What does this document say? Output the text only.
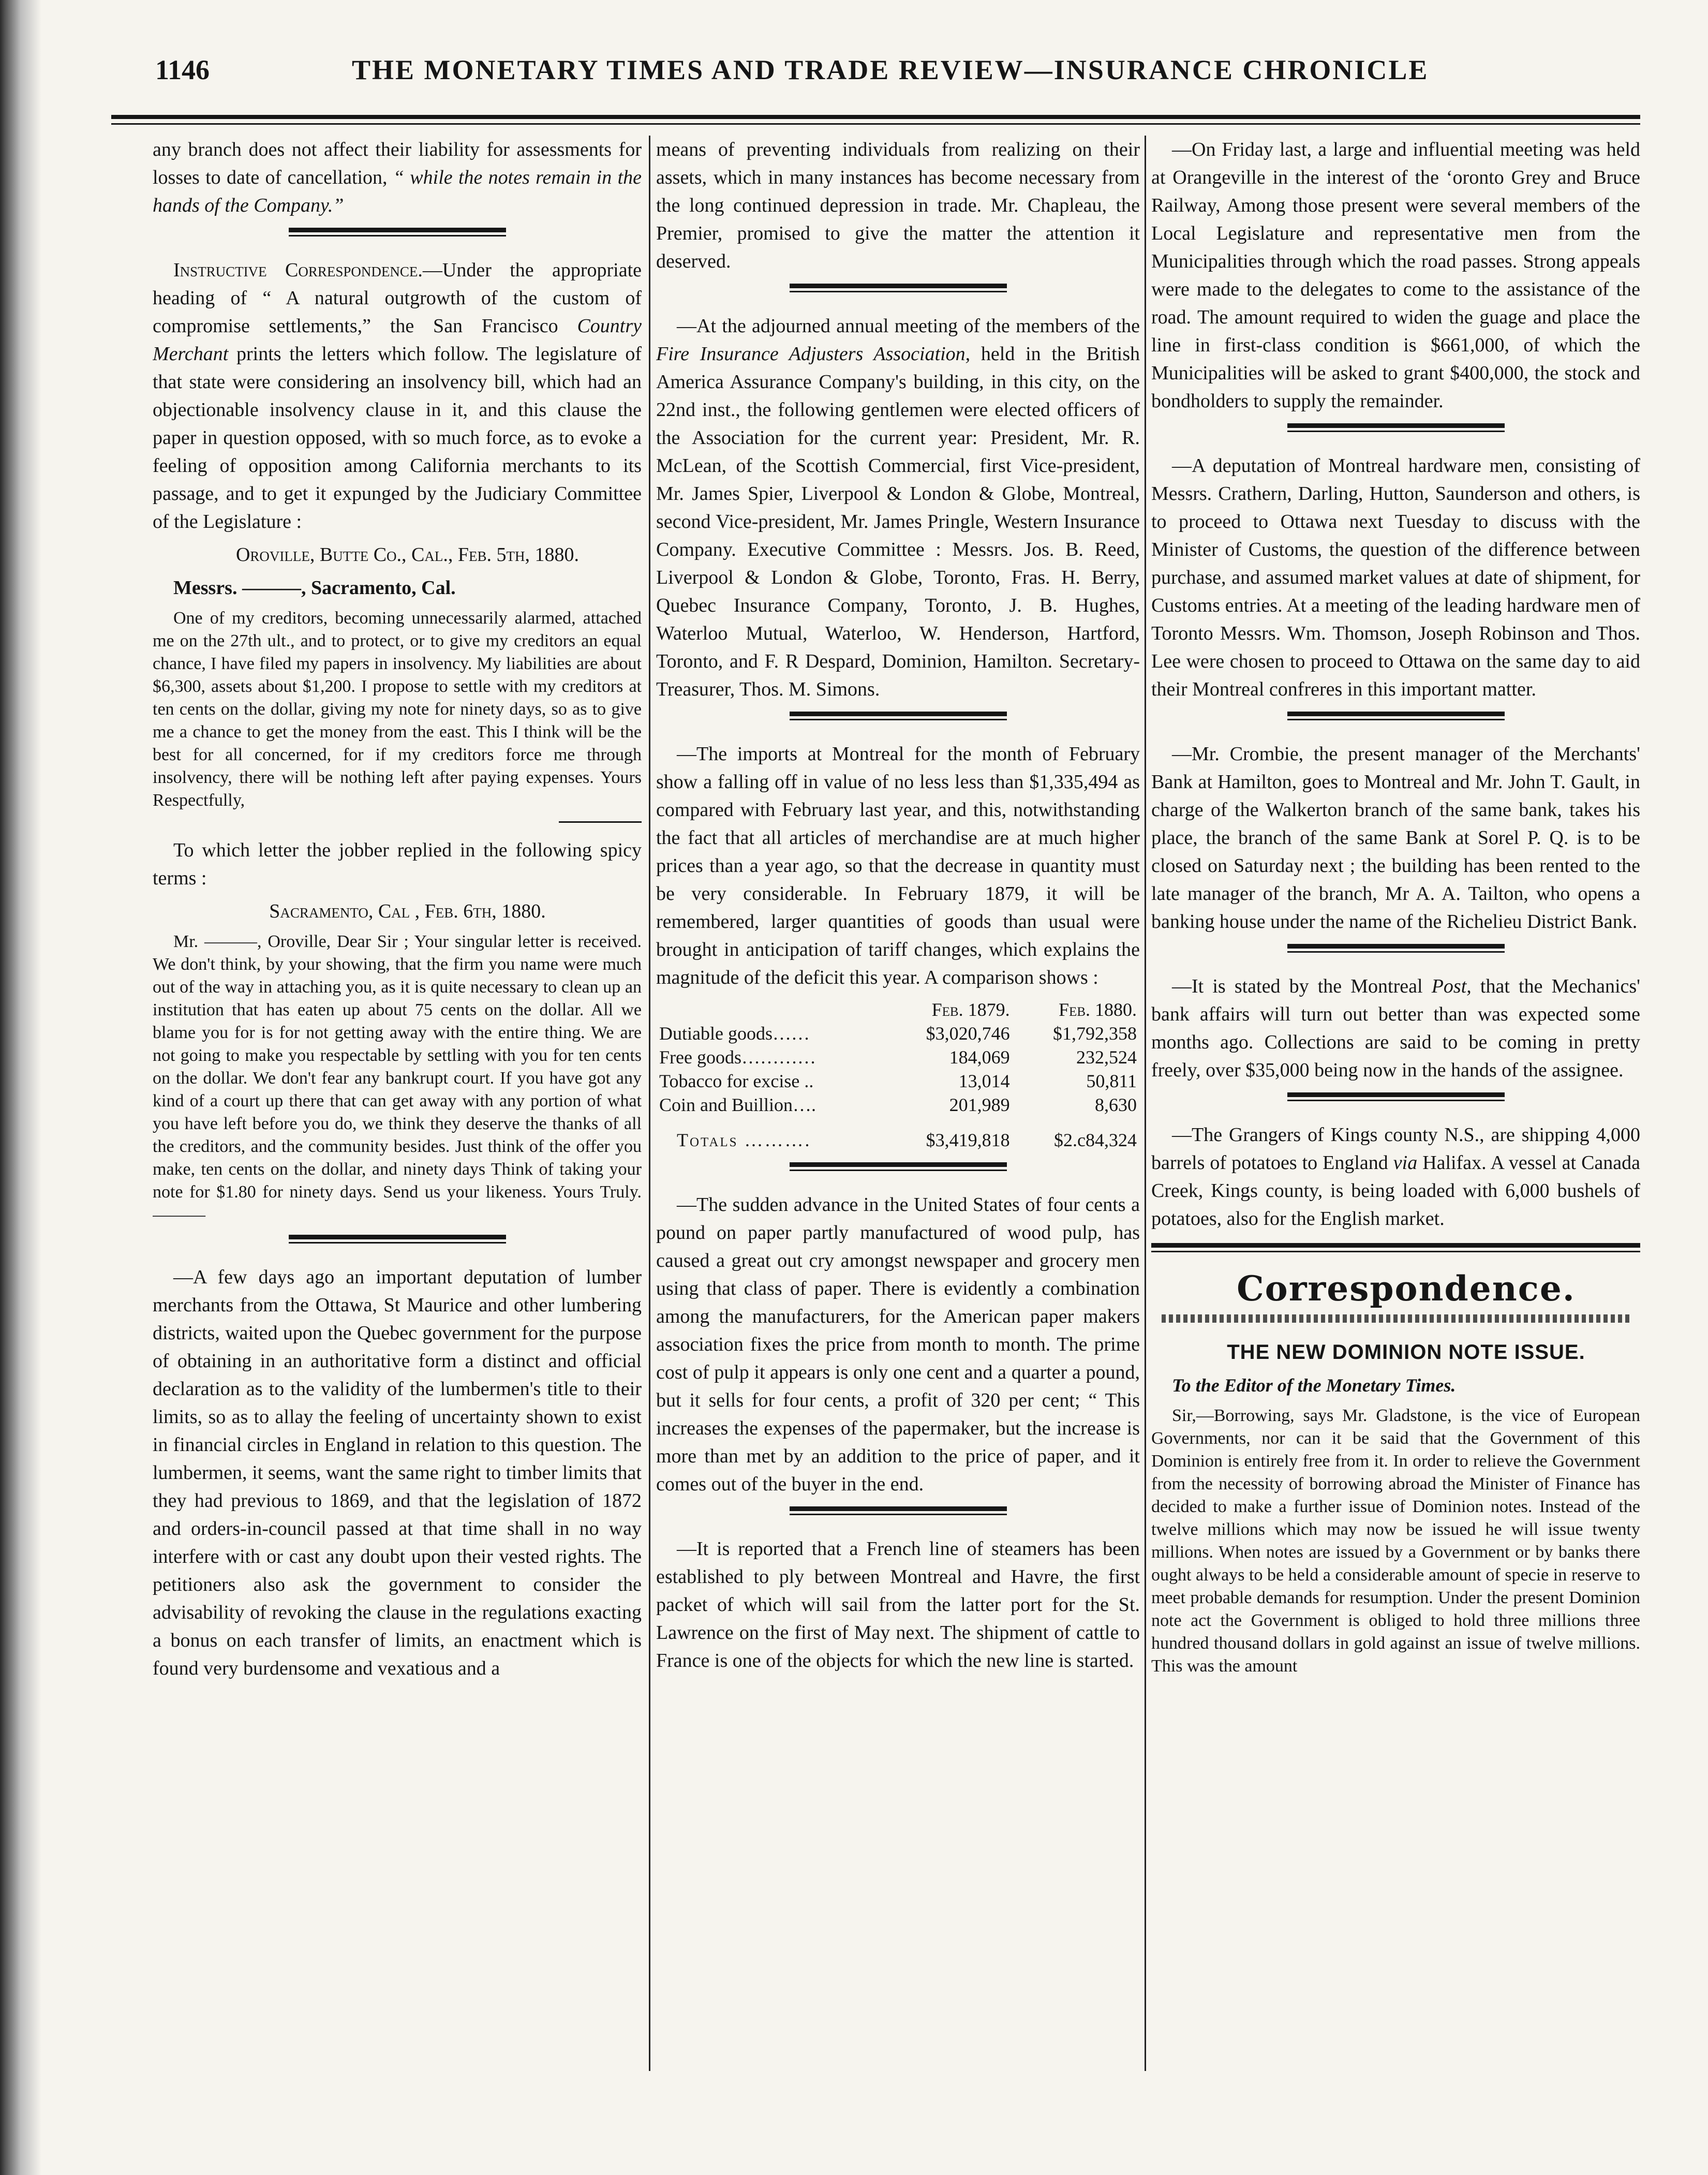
1146	THE MONETARY TIMES AND TRADE REVIEW—INSURANCE CHRONICLE

any branch does not affect their liability for assessments for losses to date of cancellation, “ while the notes remain in the hands of the Company.”

Instructive Correspondence.—Under the appropriate heading of “ A natural outgrowth of the custom of compromise settlements,” the San Francisco Country Merchant prints the letters which follow. The legislature of that state were considering an insolvency bill, which had an objectionable insolvency clause in it, and this clause the paper in question opposed, with so much force, as to evoke a feeling of opposition among California merchants to its passage, and to get it expunged by the Judiciary Committee of the Legislature :

Oroville, Butte Co., Cal., Feb. 5th, 1880.

Messrs. ———, Sacramento, Cal.

One of my creditors, becoming unnecessarily alarmed, attached me on the 27th ult., and to protect, or to give my creditors an equal chance, I have filed my papers in insolvency. My liabilities are about $6,300, assets about $1,200. I propose to settle with my creditors at ten cents on the dollar, giving my note for ninety days, so as to give me a chance to get the money from the east. This I think will be the best for all concerned, for if my creditors force me through insolvency, there will be nothing left after paying expenses. Yours Respectfully,

To which letter the jobber replied in the following spicy terms :

Sacramento, Cal , Feb. 6th, 1880.

Mr. ———, Oroville, Dear Sir ; Your singular letter is received. We don't think, by your showing, that the firm you name were much out of the way in attaching you, as it is quite necessary to clean up an institution that has eaten up about 75 cents on the dollar. All we blame you for is for not getting away with the entire thing. We are not going to make you respectable by settling with you for ten cents on the dollar. We don't fear any bankrupt court. If you have got any kind of a court up there that can get away with any portion of what you have left before you do, we think they deserve the thanks of all the creditors, and the community besides. Just think of the offer you make, ten cents on the dollar, and ninety days Think of taking your note for $1.80 for ninety days. Send us your likeness. Yours Truly. ———

—A few days ago an important deputation of lumber merchants from the Ottawa, St Maurice and other lumbering districts, waited upon the Quebec government for the purpose of obtaining in an authoritative form a distinct and official declaration as to the validity of the lumbermen's title to their limits, so as to allay the feeling of uncertainty shown to exist in financial circles in England in relation to this question. The lumbermen, it seems, want the same right to timber limits that they had previous to 1869, and that the legislation of 1872 and orders-in-council passed at that time shall in no way interfere with or cast any doubt upon their vested rights. The petitioners also ask the government to consider the advisability of revoking the clause in the regulations exacting a bonus on each transfer of limits, an enactment which is found very burdensome and vexatious and a

means of preventing individuals from realizing on their assets, which in many instances has become necessary from the long continued depression in trade. Mr. Chapleau, the Premier, promised to give the matter the attention it deserved.

—At the adjourned annual meeting of the members of the Fire Insurance Adjusters Association, held in the British America Assurance Company's building, in this city, on the 22nd inst., the following gentlemen were elected officers of the Association for the current year: President, Mr. R. McLean, of the Scottish Commercial, first Vice-president, Mr. James Spier, Liverpool & London & Globe, Montreal, second Vice-president, Mr. James Pringle, Western Insurance Company. Executive Committee : Messrs. Jos. B. Reed, Liverpool & London & Globe, Toronto, Fras. H. Berry, Quebec Insurance Company, Toronto, J. B. Hughes, Waterloo Mutual, Waterloo, W. Henderson, Hartford, Toronto, and F. R Despard, Dominion, Hamilton. Secretary-Treasurer, Thos. M. Simons.

—The imports at Montreal for the month of February show a falling off in value of no less less than $1,335,494 as compared with February last year, and this, notwithstanding the fact that all articles of merchandise are at much higher prices than a year ago, so that the decrease in quantity must be very considerable. In February 1879, it will be remembered, larger quantities of goods than usual were brought in anticipation of tariff changes, which explains the magnitude of the deficit this year. A comparison shows :

	Feb. 1879.	Feb. 1880.
Dutiable goods……	$3,020,746	$1,792,358
Free goods…………	184,069	232,524
Tobacco for excise ..	13,014	50,811
Coin and Buillion….	201,989	8,630
Totals ……….	$3,419,818	$2.c84,324

—The sudden advance in the United States of four cents a pound on paper partly manufactured of wood pulp, has caused a great out cry amongst newspaper and grocery men using that class of paper. There is evidently a combination among the manufacturers, for the American paper makers association fixes the price from month to month. The prime cost of pulp it appears is only one cent and a quarter a pound, but it sells for four cents, a profit of 320 per cent; “ This increases the expenses of the papermaker, but the increase is more than met by an addition to the price of paper, and it comes out of the buyer in the end.

—It is reported that a French line of steamers has been established to ply between Montreal and Havre, the first packet of which will sail from the latter port for the St. Lawrence on the first of May next. The shipment of cattle to France is one of the objects for which the new line is started.

—On Friday last, a large and influential meeting was held at Orangeville in the interest of the ‘oronto Grey and Bruce Railway, Among those present were several members of the Local Legislature and representative men from the Municipalities through which the road passes. Strong appeals were made to the delegates to come to the assistance of the road. The amount required to widen the guage and place the line in first-class condition is $661,000, of which the Municipalities will be asked to grant $400,000, the stock and bondholders to supply the remainder.

—A deputation of Montreal hardware men, consisting of Messrs. Crathern, Darling, Hutton, Saunderson and others, is to proceed to Ottawa next Tuesday to discuss with the Minister of Customs, the question of the difference between purchase, and assumed market values at date of shipment, for Customs entries. At a meeting of the leading hardware men of Toronto Messrs. Wm. Thomson, Joseph Robinson and Thos. Lee were chosen to proceed to Ottawa on the same day to aid their Montreal confreres in this important matter.

—Mr. Crombie, the present manager of the Merchants' Bank at Hamilton, goes to Montreal and Mr. John T. Gault, in charge of the Walkerton branch of the same bank, takes his place, the branch of the same Bank at Sorel P. Q. is to be closed on Saturday next ; the building has been rented to the late manager of the branch, Mr A. A. Tailton, who opens a banking house under the name of the Richelieu District Bank.

—It is stated by the Montreal Post, that the Mechanics' bank affairs will turn out better than was expected some months ago. Collections are said to be coming in pretty freely, over $35,000 being now in the hands of the assignee.

—The Grangers of Kings county N.S., are shipping 4,000 barrels of potatoes to England via Halifax. A vessel at Canada Creek, Kings county, is being loaded with 6,000 bushels of potatoes, also for the English market.

Correspondence.

THE NEW DOMINION NOTE ISSUE.

To the Editor of the Monetary Times.

Sir,—Borrowing, says Mr. Gladstone, is the vice of European Governments, nor can it be said that the Government of this Dominion is entirely free from it. In order to relieve the Government from the necessity of borrowing abroad the Minister of Finance has decided to make a further issue of Dominion notes. Instead of the twelve millions which may now be issued he will issue twenty millions. When notes are issued by a Government or by banks there ought always to be held a considerable amount of specie in reserve to meet probable demands for resumption. Under the present Dominion note act the Government is obliged to hold three millions three hundred thousand dollars in gold against an issue of twelve millions. This was the amount
